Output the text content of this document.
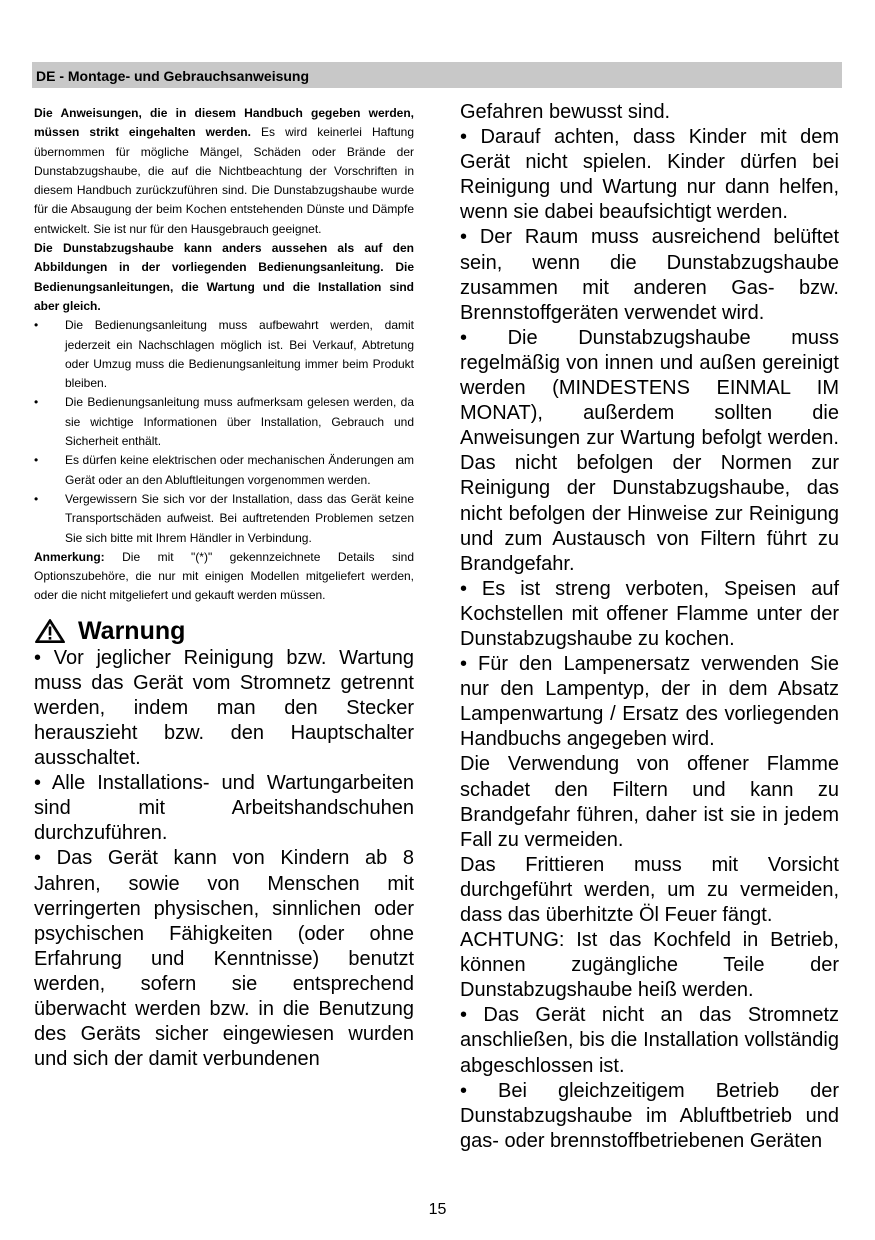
DE - Montage- und Gebrauchsanweisung

Die Anweisungen, die in diesem Handbuch gegeben werden, müssen strikt eingehalten werden. Es wird keinerlei Haftung übernommen für mögliche Mängel, Schäden oder Brände der Dunstabzugshaube, die auf die Nichtbeachtung der Vorschriften in diesem Handbuch zurückzuführen sind. Die Dunstabzugshaube wurde für die Absaugung der beim Kochen entstehenden Dünste und Dämpfe entwickelt. Sie ist nur für den Hausgebrauch geeignet.

Die Dunstabzugshaube kann anders aussehen als auf den Abbildungen in der vorliegenden Bedienungsanleitung. Die Bedienungsanleitungen, die Wartung und die Installation sind aber gleich.

• Die Bedienungsanleitung muss aufbewahrt werden, damit jederzeit ein Nachschlagen möglich ist. Bei Verkauf, Abtretung oder Umzug muss die Bedienungsanleitung immer beim Produkt bleiben.
• Die Bedienungsanleitung muss aufmerksam gelesen werden, da sie wichtige Informationen über Installation, Gebrauch und Sicherheit enthält.
• Es dürfen keine elektrischen oder mechanischen Änderungen am Gerät oder an den Abluftleitungen vorgenommen werden.
• Vergewissern Sie sich vor der Installation, dass das Gerät keine Transportschäden aufweist. Bei auftretenden Problemen setzen Sie sich bitte mit Ihrem Händler in Verbindung.

Anmerkung: Die mit "(*)" gekennzeichnete Details sind Optionszubehöre, die nur mit einigen Modellen mitgeliefert werden, oder die nicht mitgeliefert und gekauft werden müssen.

Warnung

• Vor jeglicher Reinigung bzw. Wartung muss das Gerät vom Stromnetz getrennt werden, indem man den Stecker herauszieht bzw. den Hauptschalter ausschaltet.

• Alle Installations- und Wartungarbeiten sind mit Arbeitshandschuhen durchzuführen.

• Das Gerät kann von Kindern ab 8 Jahren, sowie von Menschen mit verringerten physischen, sinnlichen oder psychischen Fähigkeiten (oder ohne Erfahrung und Kenntnisse) benutzt werden, sofern sie entsprechend überwacht werden bzw. in die Benutzung des Geräts sicher eingewiesen wurden und sich der damit verbundenen

Gefahren bewusst sind.

• Darauf achten, dass Kinder mit dem Gerät nicht spielen. Kinder dürfen bei Reinigung und Wartung nur dann helfen, wenn sie dabei beaufsichtigt werden.

• Der Raum muss ausreichend belüftet sein, wenn die Dunstabzugshaube zusammen mit anderen Gas- bzw. Brennstoffgeräten verwendet wird.

• Die Dunstabzugshaube muss regelmäßig von innen und außen gereinigt werden (MINDESTENS EINMAL IM MONAT), außerdem sollten die Anweisungen zur Wartung befolgt werden. Das nicht befolgen der Normen zur Reinigung der Dunstabzugshaube, das nicht befolgen der Hinweise zur Reinigung und zum Austausch von Filtern führt zu Brandgefahr.

• Es ist streng verboten, Speisen auf Kochstellen mit offener Flamme unter der Dunstabzugshaube zu kochen.

• Für den Lampenersatz verwenden Sie nur den Lampentyp, der in dem Absatz Lampenwartung / Ersatz des vorliegenden Handbuchs angegeben wird.

Die Verwendung von offener Flamme schadet den Filtern und kann zu Brandgefahr führen, daher ist sie in jedem Fall zu vermeiden.

Das Frittieren muss mit Vorsicht durchgeführt werden, um zu vermeiden, dass das überhitzte Öl Feuer fängt.

ACHTUNG: Ist das Kochfeld in Betrieb, können zugängliche Teile der Dunstabzugshaube heiß werden.

• Das Gerät nicht an das Stromnetz anschließen, bis die Installation vollständig abgeschlossen ist.

• Bei gleichzeitigem Betrieb der Dunstabzugshaube im Abluftbetrieb und gas- oder brennstoffbetriebenen Geräten

15
